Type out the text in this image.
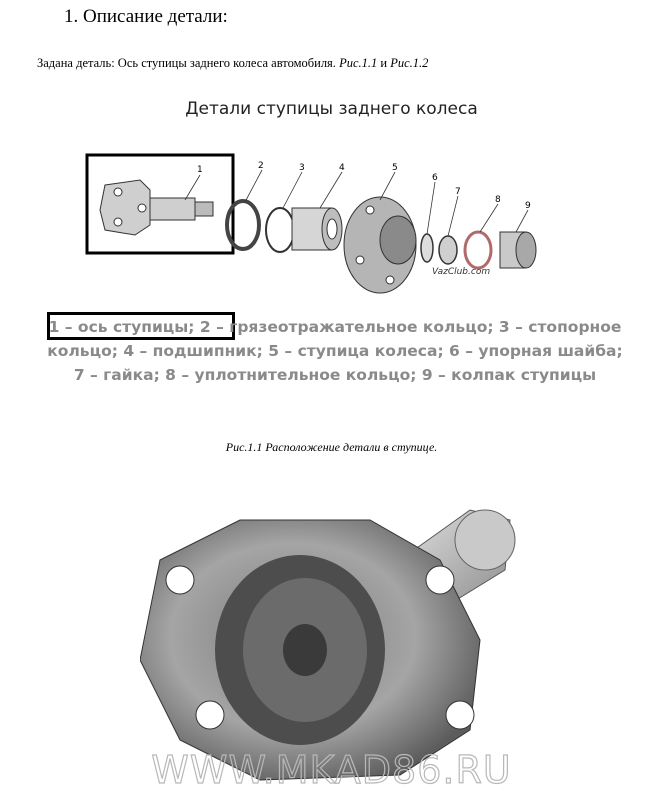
1. Описание детали:
Задана деталь: Ось ступицы заднего колеса автомобиля. Рис.1.1 и Рис.1.2
Детали ступицы заднего колеса
1	2	3	4	5
6
7
8
9
VazClub.com
1 – ось ступицы; 2 – грязеотражательное кольцо; 3 – стопорное кольцо; 4 – подшипник; 5 – ступица колеса; 6 – упорная шайба; 7 – гайка; 8 – уплотнительное кольцо; 9 – колпак ступицы
Рис.1.1 Расположение детали в ступице.
WWW.MKAD86.RU
